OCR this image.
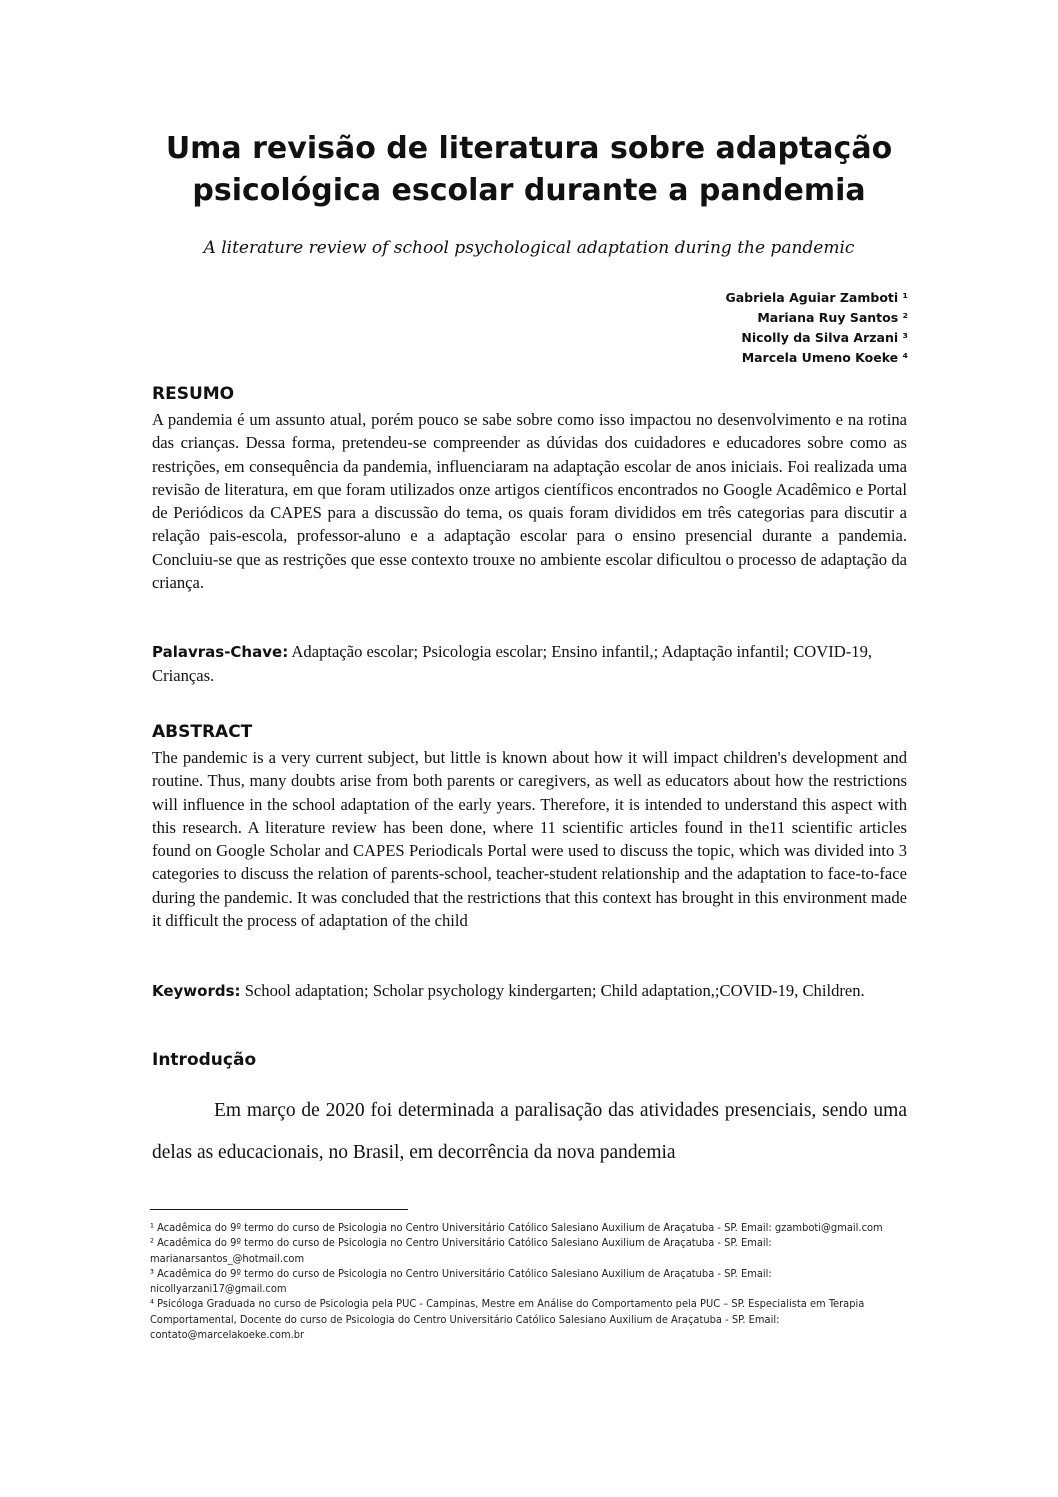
Uma revisão de literatura sobre adaptação
psicológica escolar durante a pandemia

A literature review of school psychological adaptation during the pandemic

Gabriela Aguiar Zamboti ¹
Mariana Ruy Santos ²
Nicolly da Silva Arzani ³
Marcela Umeno Koeke ⁴
RESUMO

A pandemia é um assunto atual, porém pouco se sabe sobre como isso impactou no desenvolvimento e na rotina das crianças. Dessa forma, pretendeu-se compreender as dúvidas dos cuidadores e educadores sobre como as restrições, em consequência da pandemia, influenciaram na adaptação escolar de anos iniciais. Foi realizada uma revisão de literatura, em que foram utilizados onze artigos científicos encontrados no Google Acadêmico e Portal de Periódicos da CAPES para a discussão do tema, os quais foram divididos em três categorias para discutir a relação pais-escola, professor-aluno e a adaptação escolar para o ensino presencial durante a pandemia. Concluiu-se que as restrições que esse contexto trouxe no ambiente escolar dificultou o processo de adaptação da criança.

Palavras-Chave: Adaptação escolar; Psicologia escolar; Ensino infantil,; Adaptação infantil; COVID-19, Crianças.

ABSTRACT

The pandemic is a very current subject, but little is known about how it will impact children's development and routine. Thus, many doubts arise from both parents or caregivers, as well as educators about how the restrictions will influence in the school adaptation of the early years. Therefore, it is intended to understand this aspect with this research. A literature review has been done, where 11 scientific articles found in the11 scientific articles found on Google Scholar and CAPES Periodicals Portal were used to discuss the topic, which was divided into 3 categories to discuss the relation of parents-school, teacher-student relationship and the adaptation to face-to-face during the pandemic. It was concluded that the restrictions that this context has brought in this environment made it difficult the process of adaptation of the child

Keywords: School adaptation; Scholar psychology kindergarten; Child adaptation,;COVID-19, Children.

Introdução

Em março de 2020 foi determinada a paralisação das atividades presenciais, sendo uma delas as educacionais, no Brasil, em decorrência da nova pandemia

¹ Acadêmica do 9º termo do curso de Psicologia no Centro Universitário Católico Salesiano Auxilium de Araçatuba - SP. Email: gzamboti@gmail.com

² Acadêmica do 9º termo do curso de Psicologia no Centro Universitário Católico Salesiano Auxilium de Araçatuba - SP. Email: marianarsantos_@hotmail.com

³ Acadêmica do 9º termo do curso de Psicologia no Centro Universitário Católico Salesiano Auxilium de Araçatuba - SP. Email: nicollyarzani17@gmail.com

⁴ Psicóloga Graduada no curso de Psicologia pela PUC - Campinas, Mestre em Análise do Comportamento pela PUC – SP. Especialista em Terapia Comportamental, Docente do curso de Psicologia do Centro Universitário Católico Salesiano Auxilium de Araçatuba - SP. Email: contato@marcelakoeke.com.br
